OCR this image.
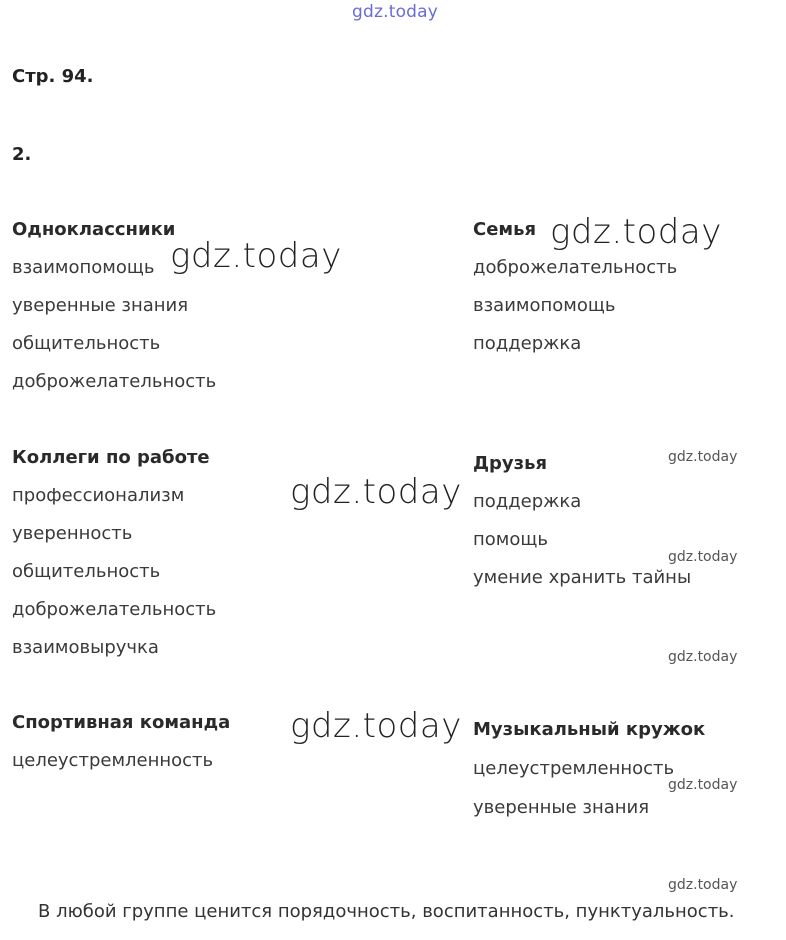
gdz.today
Стр. 94.
2.
Одноклассники
взаимопомощь
уверенные знания
общительность
доброжелательность
Семья
доброжелательность
взаимопомощь
поддержка
Коллеги по работе
профессионализм
уверенность
общительность
доброжелательность
взаимовыручка
Друзья
поддержка
помощь
умение хранить тайны
Спортивная команда
целеустремленность
Музыкальный кружок
целеустремленность
уверенные знания
gdz.today
gdz.today
gdz.today
gdz.today
gdz.today
gdz.today
gdz.today
gdz.today
gdz.today
В любой группе ценится порядочность, воспитанность, пунктуальность.
